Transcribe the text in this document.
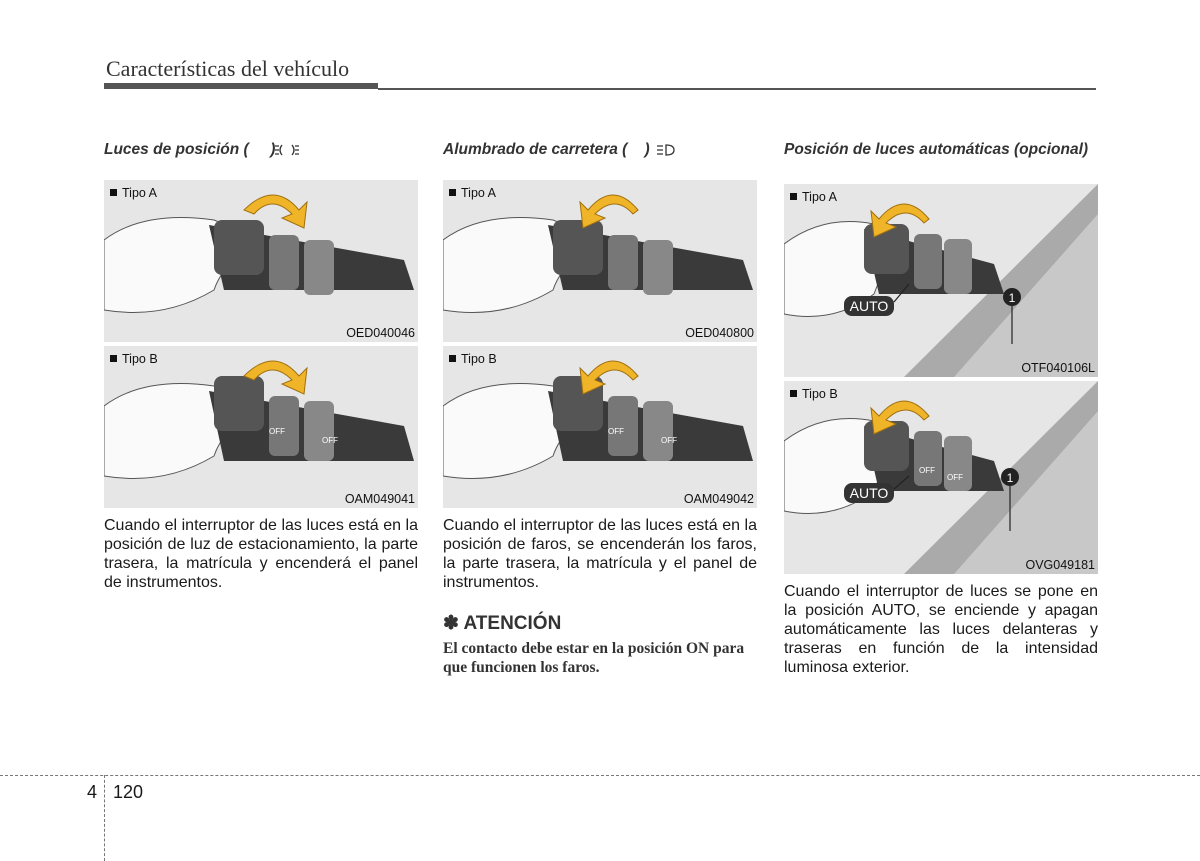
Características del vehículo
Luces de posición (     )
Tipo A
OED040046
OFF
OFF
Tipo B
OAM049041
Cuando el interruptor de las luces está en la posición de luz de estacionamiento, la parte trasera, la matrícula y encenderá el panel de instrumentos.
Alumbrado de carretera (    )
Tipo A
OED040800
OFF
OFF
Tipo B
OAM049042
Cuando el interruptor de las luces está en la posición de faros, se encenderán los faros, la parte trasera, la matrícula y el panel de instrumentos.
✽ ATENCIÓN
El contacto debe estar en la posición ON para que funcionen los faros.
Posición de luces automáticas (opcional)
AUTO	1
Tipo A
OTF040106L
OFF
OFF
AUTO
1
Tipo B
OVG049181
Cuando el interruptor de luces se pone en la posición AUTO, se enciende y apagan automáticamente las luces delanteras y traseras en función de la intensidad luminosa exterior.
4 120
